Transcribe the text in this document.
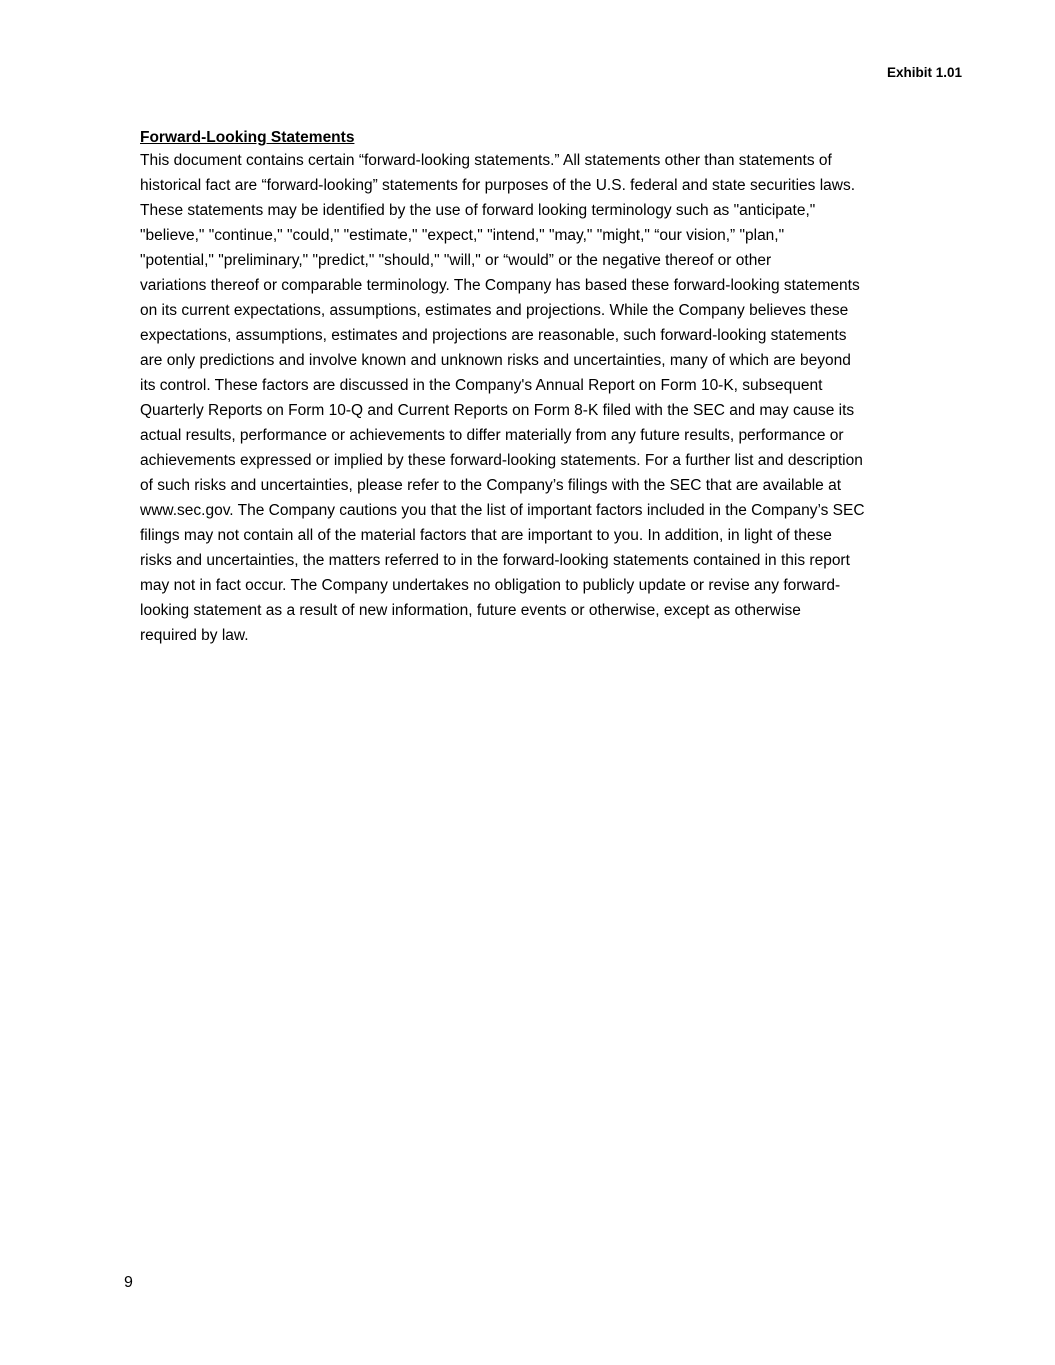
Exhibit 1.01

Forward-Looking Statements

This document contains certain “forward-looking statements.” All statements other than statements of
historical fact are “forward-looking” statements for purposes of the U.S. federal and state securities laws.
These statements may be identified by the use of forward looking terminology such as "anticipate,"
"believe," "continue," "could," "estimate," "expect," "intend," "may," "might," “our vision,” "plan,"
"potential," "preliminary," "predict," "should," "will," or “would” or the negative thereof or other
variations thereof or comparable terminology. The Company has based these forward-looking statements
on its current expectations, assumptions, estimates and projections. While the Company believes these
expectations, assumptions, estimates and projections are reasonable, such forward-looking statements
are only predictions and involve known and unknown risks and uncertainties, many of which are beyond
its control. These factors are discussed in the Company's Annual Report on Form 10-K, subsequent
Quarterly Reports on Form 10-Q and Current Reports on Form 8-K filed with the SEC and may cause its
actual results, performance or achievements to differ materially from any future results, performance or
achievements expressed or implied by these forward-looking statements. For a further list and description
of such risks and uncertainties, please refer to the Company’s filings with the SEC that are available at
www.sec.gov. The Company cautions you that the list of important factors included in the Company’s SEC
filings may not contain all of the material factors that are important to you. In addition, in light of these
risks and uncertainties, the matters referred to in the forward-looking statements contained in this report
may not in fact occur. The Company undertakes no obligation to publicly update or revise any forward-
looking statement as a result of new information, future events or otherwise, except as otherwise
required by law.

9
